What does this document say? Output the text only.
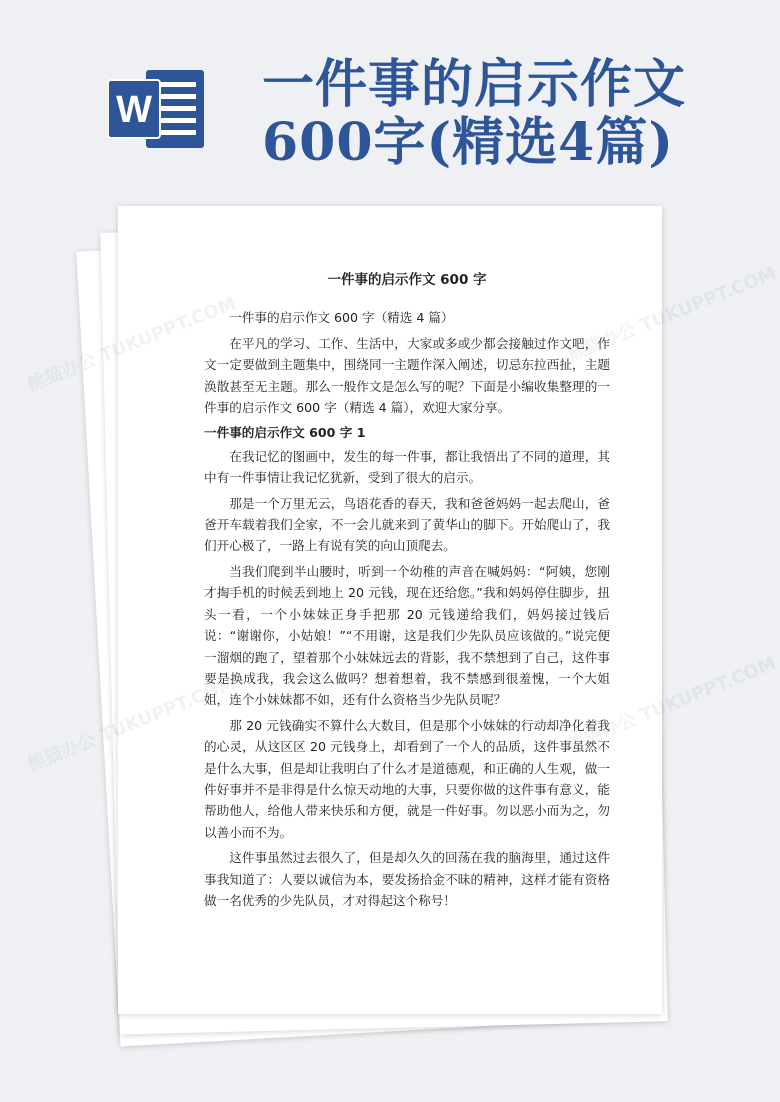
W 一件事的启示作文
600字(精选4篇)
一件事的启示作文 600 字

一件事的启示作文 600 字（精选 4 篇）

在平凡的学习、工作、生活中，大家或多或少都会接触过作文吧，作文一定要做到主题集中，围绕同一主题作深入阐述，切忌东拉西扯，主题涣散甚至无主题。那么一般作文是怎么写的呢？下面是小编收集整理的一件事的启示作文 600 字（精选 4 篇），欢迎大家分享。

一件事的启示作文 600 字 1

在我记忆的图画中，发生的每一件事，都让我悟出了不同的道理，其中有一件事情让我记忆犹新，受到了很大的启示。

那是一个万里无云，鸟语花香的春天，我和爸爸妈妈一起去爬山，爸爸开车载着我们全家，不一会儿就来到了黄华山的脚下。开始爬山了，我们开心极了，一路上有说有笑的向山顶爬去。

当我们爬到半山腰时，听到一个幼稚的声音在喊妈妈：“阿姨，您刚才掏手机的时候丢到地上 20 元钱，现在还给您。”我和妈妈停住脚步，扭头一看，一个小妹妹正身手把那 20 元钱递给我们，妈妈接过钱后说：“谢谢你，小姑娘！”“不用谢，这是我们少先队员应该做的。”说完便一溜烟的跑了，望着那个小妹妹远去的背影，我不禁想到了自己，这件事要是换成我，我会这么做吗？想着想着，我不禁感到很羞愧，一个大姐姐，连个小妹妹都不如，还有什么资格当少先队员呢？

那 20 元钱确实不算什么大数目，但是那个小妹妹的行动却净化着我的心灵，从这区区 20 元钱身上，却看到了一个人的品质，这件事虽然不是什么大事，但是却让我明白了什么才是道德观，和正确的人生观，做一件好事并不是非得是什么惊天动地的大事，只要你做的这件事有意义，能帮助他人，给他人带来快乐和方便，就是一件好事。勿以恶小而为之，勿以善小而不为。

这件事虽然过去很久了，但是却久久的回荡在我的脑海里，通过这件事我知道了：人要以诚信为本，要发扬拾金不昧的精神，这样才能有资格做一名优秀的少先队员，才对得起这个称号！

熊猫办公
熊猫办公 TUKUPPT.COM
熊猫办公	熊猫办公 TUKUPPT.COM
